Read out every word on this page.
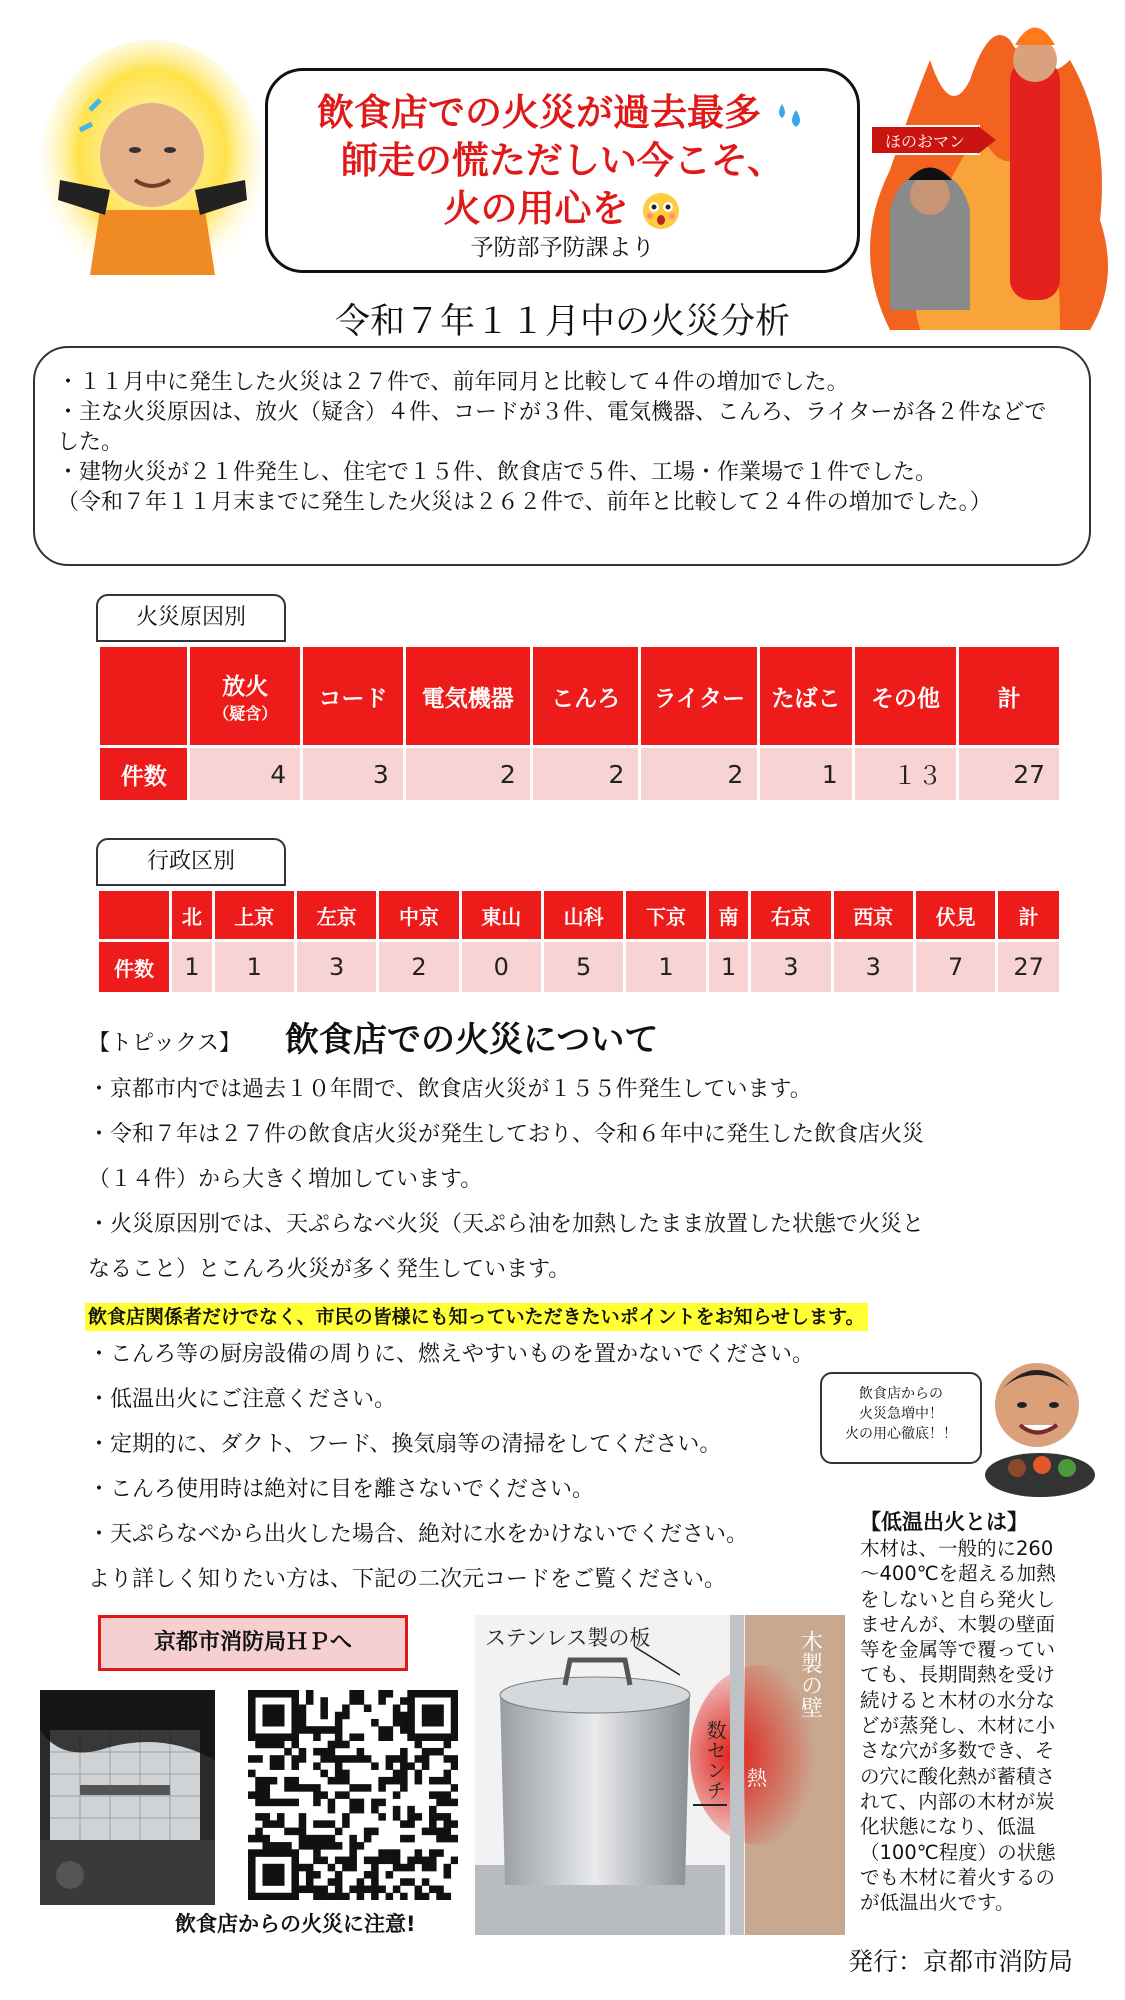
飲食店での火災が過去最多
師走の慌ただしい今こそ、
火の用心を
予防部予防課より
ほのおマン
令和７年１１月中の火災分析

・１１月中に発生した火災は２７件で、前年同月と比較して４件の増加でした。

・主な火災原因は、放火（疑含）４件、コードが３件、電気機器、こんろ、ライターが各２件などでした。

・建物火災が２１件発生し、住宅で１５件、飲食店で５件、工場・作業場で１件でした。

（令和７年１１月末までに発生した火災は２６２件で、前年と比較して２４件の増加でした。）

火災原因別

	放火
（疑含）	コード	電気機器	こんろ	ライター	たばこ	その他	計
件数	4	3	2	2	2	1	１３	27
行政区別
	北	上京	左京	中京	東山	山科	下京	南	右京	西京	伏見	計
件数	1	1	3	2	0	5	1	1	3	3	7	27
【トピックス】 飲食店での火災について
・京都市内では過去１０年間で、飲食店火災が１５５件発生しています。
・令和７年は２７件の飲食店火災が発生しており、令和６年中に発生した飲食店火災
（１４件）から大きく増加しています。
・火災原因別では、天ぷらなべ火災（天ぷら油を加熱したまま放置した状態で火災と
なること）とこんろ火災が多く発生しています。
飲食店関係者だけでなく、市民の皆様にも知っていただきたいポイントをお知らせします。
・こんろ等の厨房設備の周りに、燃えやすいものを置かないでください。
・低温出火にご注意ください。
・定期的に、ダクト、フード、換気扇等の清掃をしてください。
・こんろ使用時は絶対に目を離さないでください。
・天ぷらなべから出火した場合、絶対に水をかけないでください。
より詳しく知りたい方は、下記の二次元コードをご覧ください。
飲食店からの
火災急増中！
火の用心徹底！！
【低温出火とは】
木材は、一般的に260
～400℃を超える加熱
をしないと自ら発火し
ませんが、木製の壁面
等を金属等で覆ってい
ても、長期間熱を受け
続けると木材の水分な
どが蒸発し、木材に小
さな穴が多数でき、そ
の穴に酸化熱が蓄積さ
れて、内部の木材が炭
化状態になり、低温
（100℃程度）の状態
でも木材に着火するの
が低温出火です。
京都市消防局ＨＰへ
飲食店からの火災に注意!
ステンレス製の板
数センチ
木製の壁
熱
発行：京都市消防局
